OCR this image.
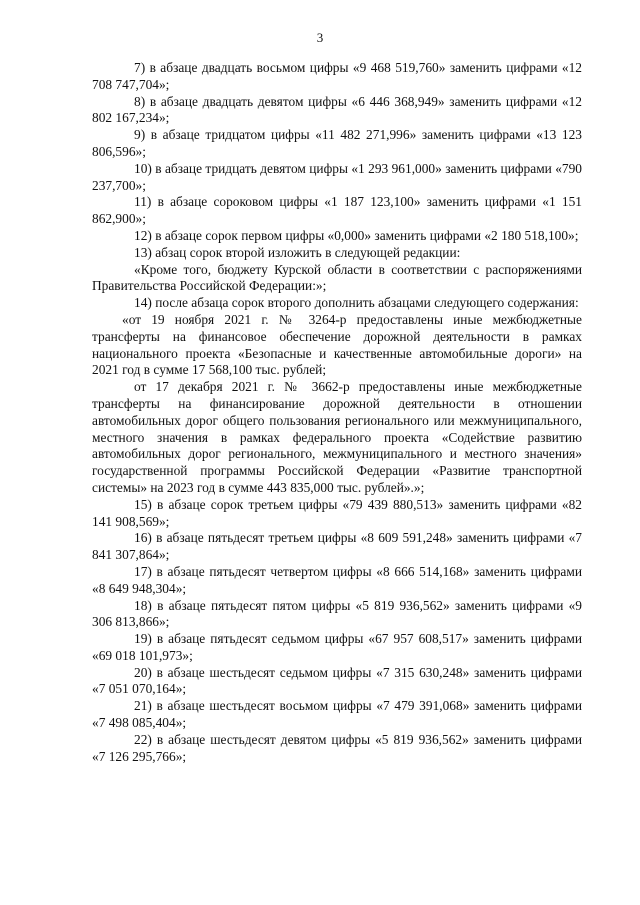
3

7) в абзаце двадцать восьмом цифры «9 468 519,760» заменить цифрами «12 708 747,704»;

8) в абзаце двадцать девятом цифры «6 446 368,949» заменить цифрами «12 802 167,234»;

9) в абзаце тридцатом цифры «11 482 271,996» заменить цифрами «13 123 806,596»;

10) в абзаце тридцать девятом цифры «1 293 961,000» заменить цифрами «790 237,700»;

11) в абзаце сороковом цифры «1 187 123,100» заменить цифрами «1 151 862,900»;

12) в абзаце сорок первом цифры «0,000» заменить цифрами «2 180 518,100»;

13) абзац сорок второй изложить в следующей редакции:

«Кроме того, бюджету Курской области в соответствии с распоряжениями Правительства Российской Федерации:»;

14) после абзаца сорок второго дополнить абзацами следующего содержания:

«от 19 ноября 2021 г. № 3264-р предоставлены иные межбюджетные трансферты на финансовое обеспечение дорожной деятельности в рамках национального проекта «Безопасные и качественные автомобильные дороги» на 2021 год в сумме 17 568,100 тыс. рублей;

от 17 декабря 2021 г. № 3662-р предоставлены иные межбюджетные трансферты на финансирование дорожной деятельности в отношении автомобильных дорог общего пользования регионального или межмуниципального, местного значения в рамках федерального проекта «Содействие развитию автомобильных дорог регионального, межмуниципального и местного значения» государственной программы Российской Федерации «Развитие транспортной системы» на 2023 год в сумме 443 835,000 тыс. рублей».»;

15) в абзаце сорок третьем цифры «79 439 880,513» заменить цифрами «82 141 908,569»;

16) в абзаце пятьдесят третьем цифры «8 609 591,248» заменить цифрами «7 841 307,864»;

17) в абзаце пятьдесят четвертом цифры «8 666 514,168» заменить цифрами «8 649 948,304»;

18) в абзаце пятьдесят пятом цифры «5 819 936,562» заменить цифрами «9 306 813,866»;

19) в абзаце пятьдесят седьмом цифры «67 957 608,517» заменить цифрами «69 018 101,973»;

20) в абзаце шестьдесят седьмом цифры «7 315 630,248» заменить цифрами «7 051 070,164»;

21) в абзаце шестьдесят восьмом цифры «7 479 391,068» заменить цифрами «7 498 085,404»;

22) в абзаце шестьдесят девятом цифры «5 819 936,562» заменить цифрами «7 126 295,766»;
